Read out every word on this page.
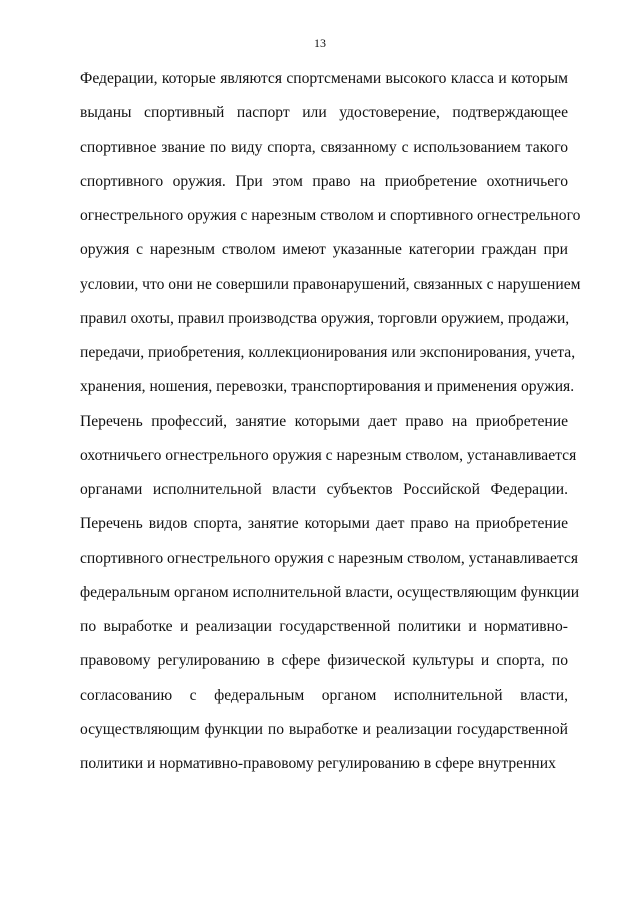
13
Федерации, которые являются спортсменами высокого класса и которым
выданы спортивный паспорт или удостоверение, подтверждающее
спортивное звание по виду спорта, связанному с использованием такого
спортивного оружия. При этом право на приобретение охотничьего
огнестрельного оружия с нарезным стволом и спортивного огнестрельного
оружия с нарезным стволом имеют указанные категории граждан при
условии, что они не совершили правонарушений, связанных с нарушением
правил охоты, правил производства оружия, торговли оружием, продажи,
передачи, приобретения, коллекционирования или экспонирования, учета,
хранения, ношения, перевозки, транспортирования и применения оружия.
Перечень профессий, занятие которыми дает право на приобретение
охотничьего огнестрельного оружия с нарезным стволом, устанавливается
органами исполнительной власти субъектов Российской Федерации.
Перечень видов спорта, занятие которыми дает право на приобретение
спортивного огнестрельного оружия с нарезным стволом, устанавливается
федеральным органом исполнительной власти, осуществляющим функции
по выработке и реализации государственной политики и нормативно-
правовому регулированию в сфере физической культуры и спорта, по
согласованию с федеральным органом исполнительной власти,
осуществляющим функции по выработке и реализации государственной
политики и нормативно-правовому регулированию в сфере внутренних
